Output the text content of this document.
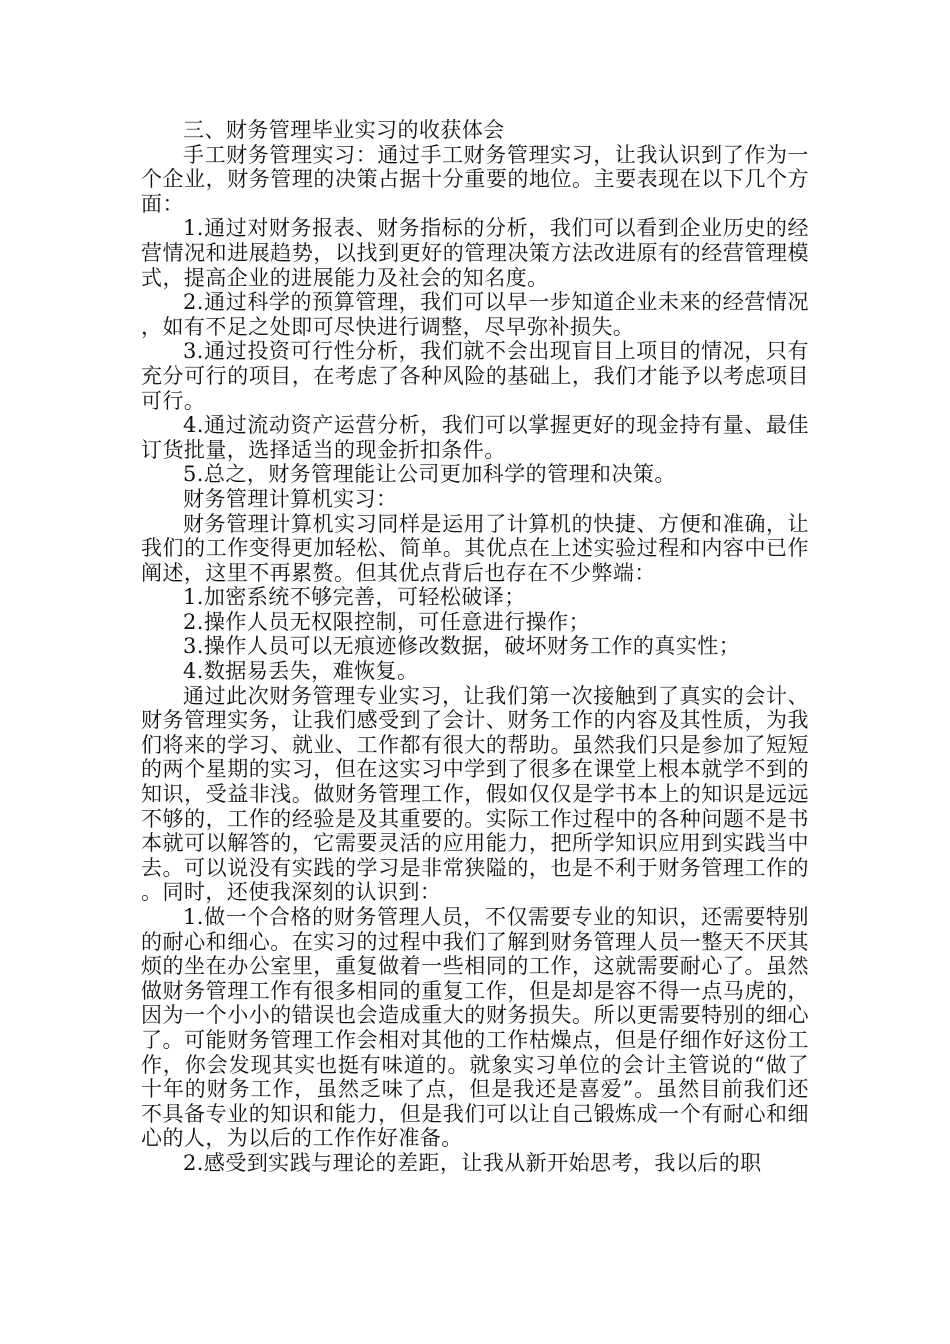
三、财务管理毕业实习的收获体会

手工财务管理实习：通过手工财务管理实习，让我认识到了作为一个企业，财务管理的决策占据十分重要的地位。主要表现在以下几个方面：

1.通过对财务报表、财务指标的分析，我们可以看到企业历史的经营情况和进展趋势，以找到更好的管理决策方法改进原有的经营管理模式，提高企业的进展能力及社会的知名度。

2.通过科学的预算管理，我们可以早一步知道企业未来的经营情况，如有不足之处即可尽快进行调整，尽早弥补损失。

3.通过投资可行性分析，我们就不会出现盲目上项目的情况，只有充分可行的项目，在考虑了各种风险的基础上，我们才能予以考虑项目可行。

4.通过流动资产运营分析，我们可以掌握更好的现金持有量、最佳订货批量，选择适当的现金折扣条件。

5.总之，财务管理能让公司更加科学的管理和决策。

财务管理计算机实习：

财务管理计算机实习同样是运用了计算机的快捷、方便和准确，让我们的工作变得更加轻松、简单。其优点在上述实验过程和内容中已作阐述，这里不再累赘。但其优点背后也存在不少弊端：

1.加密系统不够完善，可轻松破译；

2.操作人员无权限控制，可任意进行操作；

3.操作人员可以无痕迹修改数据，破坏财务工作的真实性；

4.数据易丢失，难恢复。

通过此次财务管理专业实习，让我们第一次接触到了真实的会计、财务管理实务，让我们感受到了会计、财务工作的内容及其性质，为我们将来的学习、就业、工作都有很大的帮助。虽然我们只是参加了短短的两个星期的实习，但在这实习中学到了很多在课堂上根本就学不到的知识，受益非浅。做财务管理工作，假如仅仅是学书本上的知识是远远不够的，工作的经验是及其重要的。实际工作过程中的各种问题不是书本就可以解答的，它需要灵活的应用能力，把所学知识应用到实践当中去。可以说没有实践的学习是非常狭隘的，也是不利于财务管理工作的。同时，还使我深刻的认识到：

1.做一个合格的财务管理人员，不仅需要专业的知识，还需要特别的耐心和细心。在实习的过程中我们了解到财务管理人员一整天不厌其烦的坐在办公室里，重复做着一些相同的工作，这就需要耐心了。虽然做财务管理工作有很多相同的重复工作，但是却是容不得一点马虎的，因为一个小小的错误也会造成重大的财务损失。所以更需要特别的细心了。可能财务管理工作会相对其他的工作枯燥点，但是仔细作好这份工作，你会发现其实也挺有味道的。就象实习单位的会计主管说的“做了十年的财务工作，虽然乏味了点，但是我还是喜爱”。虽然目前我们还不具备专业的知识和能力，但是我们可以让自己锻炼成一个有耐心和细心的人，为以后的工作作好准备。

2.感受到实践与理论的差距，让我从新开始思考，我以后的职
